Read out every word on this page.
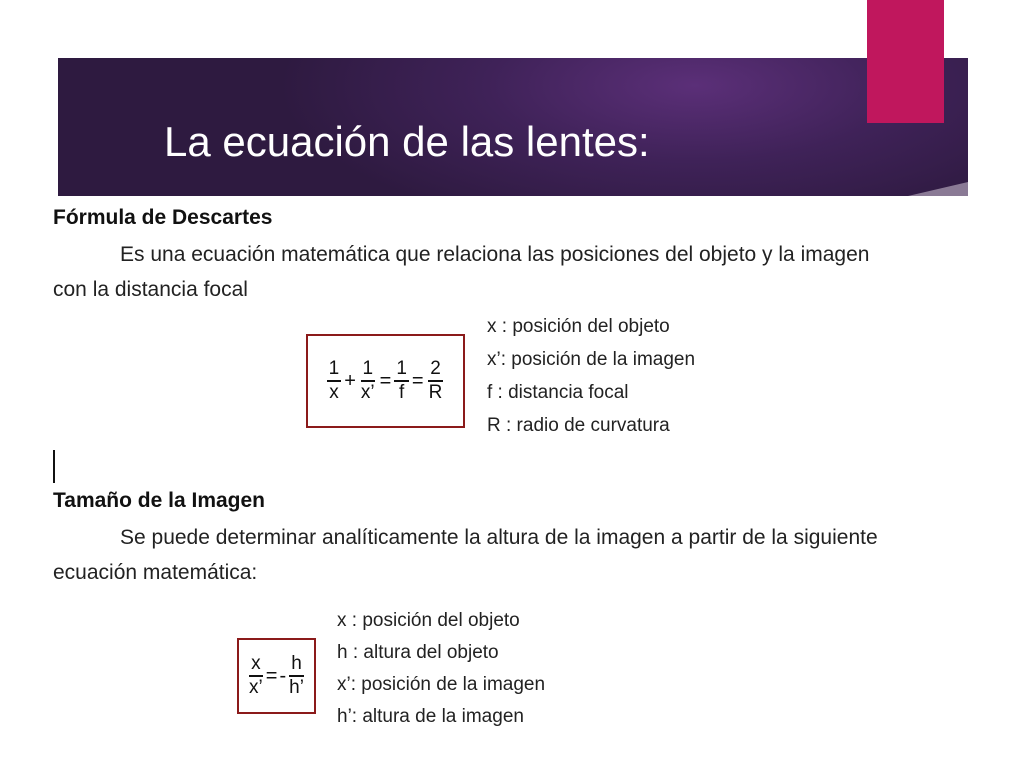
La ecuación de las lentes:
Fórmula de Descartes
Es una ecuación matemática que relaciona las posiciones del objeto y la imagen
con la distancia focal
$\frac{1}{x} + \frac{1}{x’} = \frac{1}{f} = \frac{2}{R}$
x : posición del objeto
x’: posición de la imagen
f : distancia focal
R : radio de curvatura
Tamaño de la Imagen
Se puede determinar analíticamente la altura de la imagen a partir de la siguiente
ecuación matemática:
$\frac{x}{x’}$ = - $\frac{h}{h’}$
x : posición del objeto
h : altura del objeto
x’: posición de la imagen
h’: altura de la imagen
